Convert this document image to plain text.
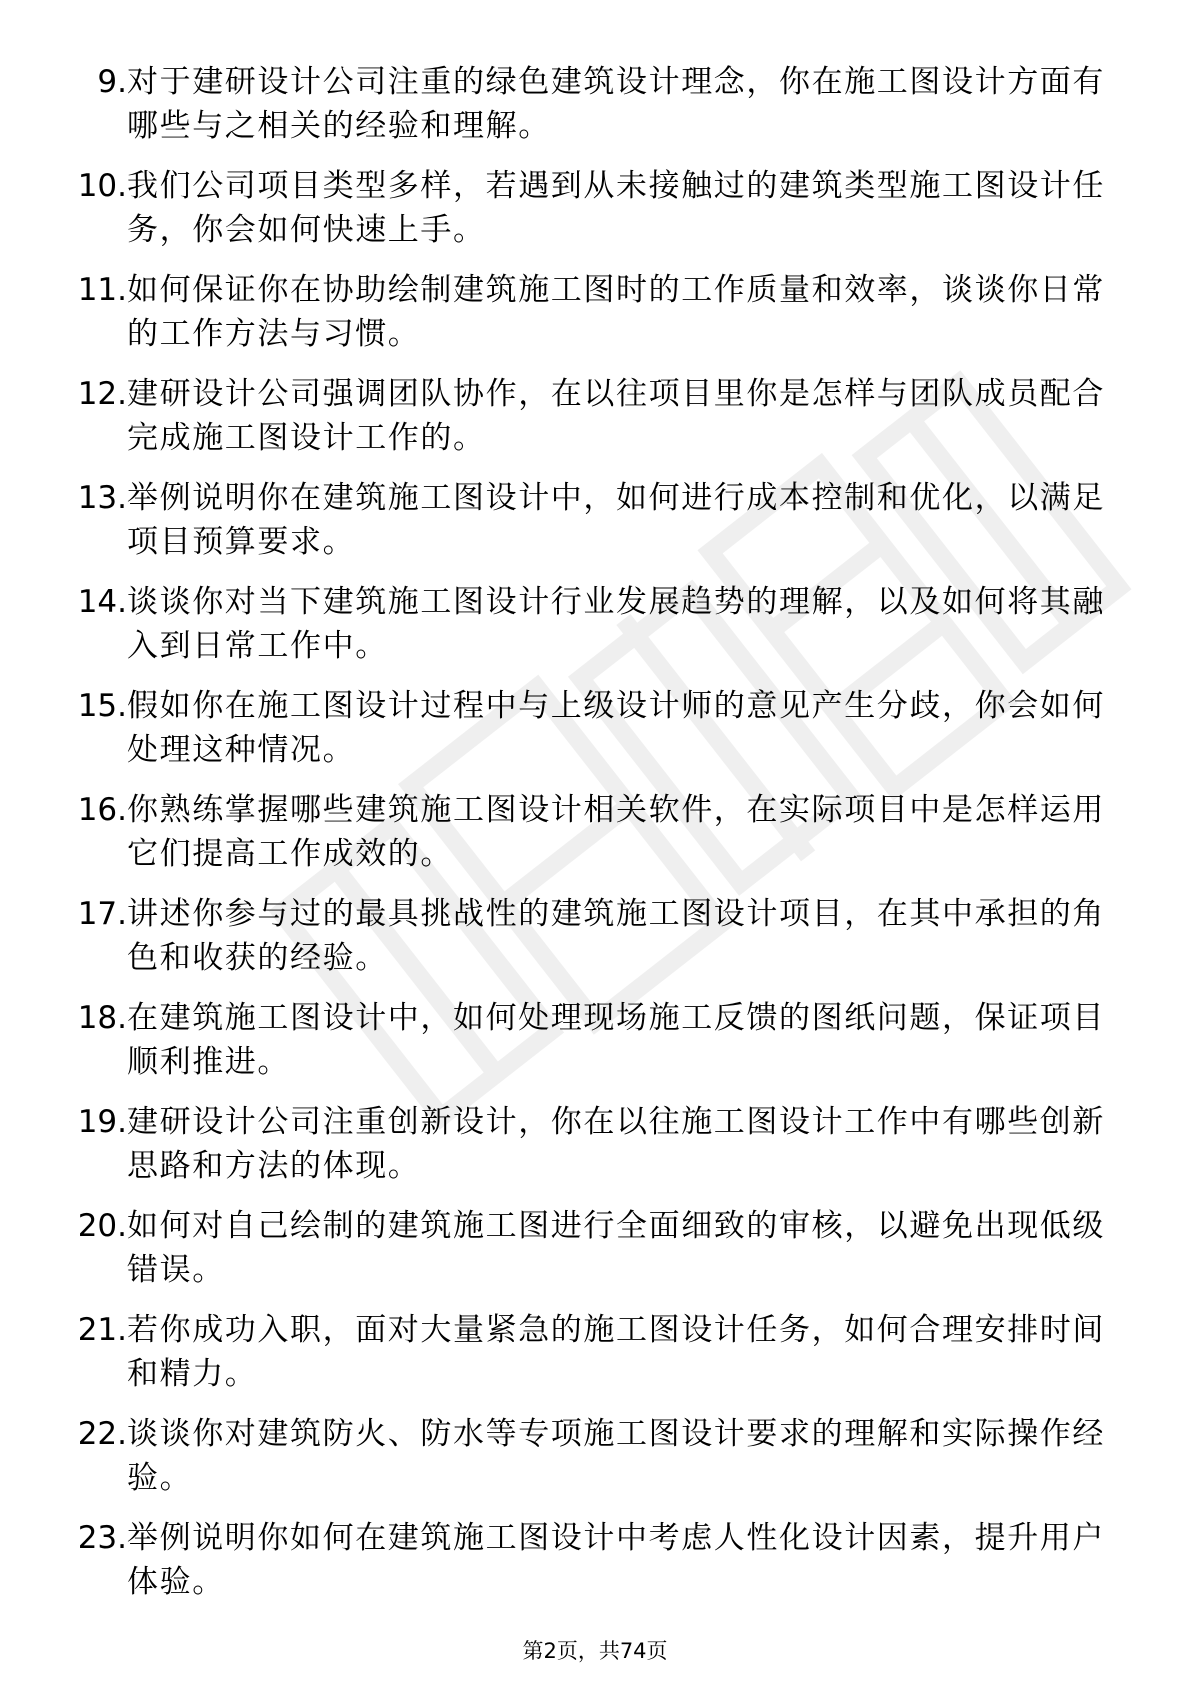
9. 对于建研设计公司注重的绿色建筑设计理念，你在施工图设计方面有哪些与之相关的经验和理解。
10. 我们公司项目类型多样，若遇到从未接触过的建筑类型施工图设计任务，你会如何快速上手。
11. 如何保证你在协助绘制建筑施工图时的工作质量和效率，谈谈你日常的工作方法与习惯。
12. 建研设计公司强调团队协作，在以往项目里你是怎样与团队成员配合完成施工图设计工作的。
13. 举例说明你在建筑施工图设计中，如何进行成本控制和优化，以满足项目预算要求。
14. 谈谈你对当下建筑施工图设计行业发展趋势的理解，以及如何将其融入到日常工作中。
15. 假如你在施工图设计过程中与上级设计师的意见产生分歧，你会如何处理这种情况。
16. 你熟练掌握哪些建筑施工图设计相关软件，在实际项目中是怎样运用它们提高工作成效的。
17. 讲述你参与过的最具挑战性的建筑施工图设计项目，在其中承担的角色和收获的经验。
18. 在建筑施工图设计中，如何处理现场施工反馈的图纸问题，保证项目顺利推进。
19. 建研设计公司注重创新设计，你在以往施工图设计工作中有哪些创新思路和方法的体现。
20. 如何对自己绘制的建筑施工图进行全面细致的审核，以避免出现低级错误。
21. 若你成功入职，面对大量紧急的施工图设计任务，如何合理安排时间和精力。
22. 谈谈你对建筑防火、防水等专项施工图设计要求的理解和实际操作经验。
23. 举例说明你如何在建筑施工图设计中考虑人性化设计因素，提升用户体验。
第2页，共74页
